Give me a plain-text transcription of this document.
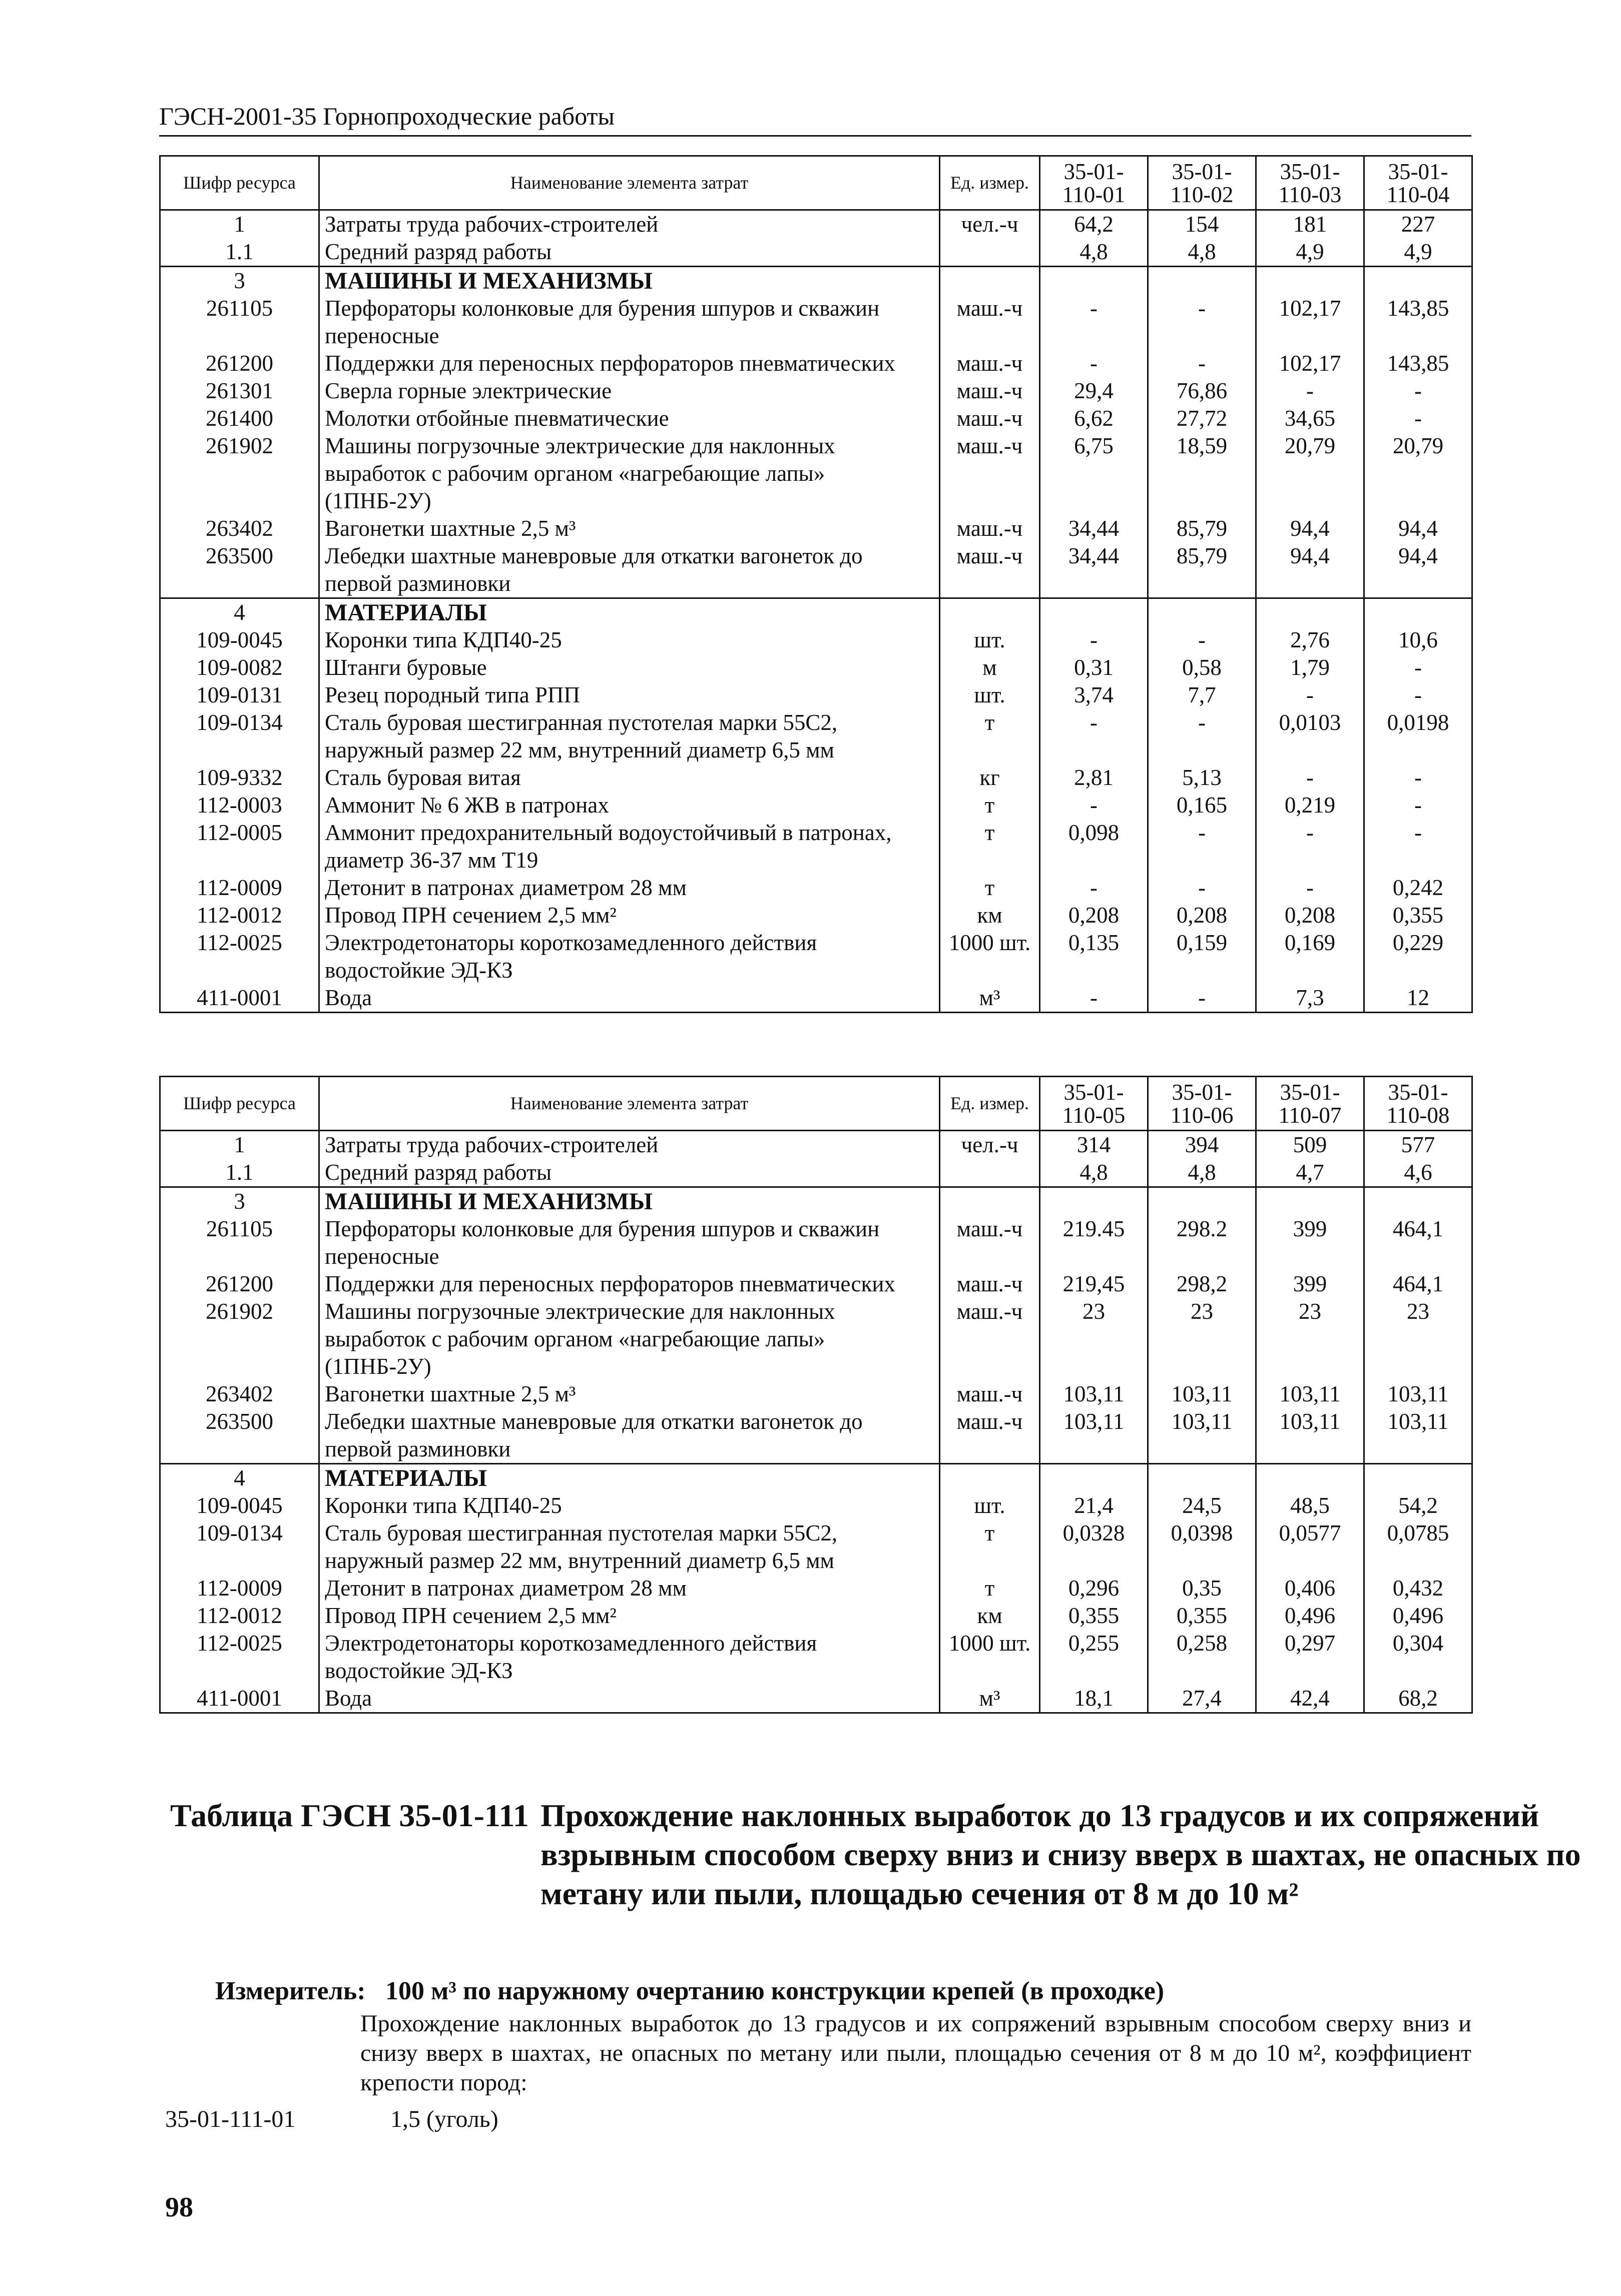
ГЭСН-2001-35 Горнопроходческие работы
Шифр ресурса	Наименование элемента затрат	Ед. измер.	35-01-110-01	35-01-110-02	35-01-110-03	35-01-110-04
1	Затраты труда рабочих-строителей	чел.-ч	64,2	154	181	227
1.1	Средний разряд работы		4,8	4,8	4,9	4,9
3	МАШИНЫ И МЕХАНИЗМЫ					
261105	Перфораторы колонковые для бурения шпуров и скважин переносные	маш.-ч	-	-	102,17	143,85
261200	Поддержки для переносных перфораторов пневматических	маш.-ч	-	-	102,17	143,85
261301	Сверла горные электрические	маш.-ч	29,4	76,86	-	-
261400	Молотки отбойные пневматические	маш.-ч	6,62	27,72	34,65	-
261902	Машины погрузочные электрические для наклонных выработок с рабочим органом «нагребающие лапы» (1ПНБ-2У)	маш.-ч	6,75	18,59	20,79	20,79
263402	Вагонетки шахтные 2,5 м³	маш.-ч	34,44	85,79	94,4	94,4
263500	Лебедки шахтные маневровые для откатки вагонеток до первой разминовки	маш.-ч	34,44	85,79	94,4	94,4
4	МАТЕРИАЛЫ					
109-0045	Коронки типа КДП40-25	шт.	-	-	2,76	10,6
109-0082	Штанги буровые	м	0,31	0,58	1,79	-
109-0131	Резец породный типа РПП	шт.	3,74	7,7	-	-
109-0134	Сталь буровая шестигранная пустотелая марки 55С2, наружный размер 22 мм, внутренний диаметр 6,5 мм	т	-	-	0,0103	0,0198
109-9332	Сталь буровая витая	кг	2,81	5,13	-	-
112-0003	Аммонит № 6 ЖВ в патронах	т	-	0,165	0,219	-
112-0005	Аммонит предохранительный водоустойчивый в патронах, диаметр 36-37 мм Т19	т	0,098	-	-	-
112-0009	Детонит в патронах диаметром 28 мм	т	-	-	-	0,242
112-0012	Провод ПРН сечением 2,5 мм²	км	0,208	0,208	0,208	0,355
112-0025	Электродетонаторы короткозамедленного действия водостойкие ЭД-КЗ	1000 шт.	0,135	0,159	0,169	0,229
411-0001	Вода	м³	-	-	7,3	12
Шифр ресурса	Наименование элемента затрат	Ед. измер.	35-01-110-05	35-01-110-06	35-01-110-07	35-01-110-08
1	Затраты труда рабочих-строителей	чел.-ч	314	394	509	577
1.1	Средний разряд работы		4,8	4,8	4,7	4,6
3	МАШИНЫ И МЕХАНИЗМЫ					
261105	Перфораторы колонковые для бурения шпуров и скважин переносные	маш.-ч	219.45	298.2	399	464,1
261200	Поддержки для переносных перфораторов пневматических	маш.-ч	219,45	298,2	399	464,1
261902	Машины погрузочные электрические для наклонных выработок с рабочим органом «нагребающие лапы» (1ПНБ-2У)	маш.-ч	23	23	23	23
263402	Вагонетки шахтные 2,5 м³	маш.-ч	103,11	103,11	103,11	103,11
263500	Лебедки шахтные маневровые для откатки вагонеток до первой разминовки	маш.-ч	103,11	103,11	103,11	103,11
4	МАТЕРИАЛЫ					
109-0045	Коронки типа КДП40-25	шт.	21,4	24,5	48,5	54,2
109-0134	Сталь буровая шестигранная пустотелая марки 55С2, наружный размер 22 мм, внутренний диаметр 6,5 мм	т	0,0328	0,0398	0,0577	0,0785
112-0009	Детонит в патронах диаметром 28 мм	т	0,296	0,35	0,406	0,432
112-0012	Провод ПРН сечением 2,5 мм²	км	0,355	0,355	0,496	0,496
112-0025	Электродетонаторы короткозамедленного действия водостойкие ЭД-КЗ	1000 шт.	0,255	0,258	0,297	0,304
411-0001	Вода	м³	18,1	27,4	42,4	68,2
Таблица ГЭСН 35-01-111 Прохождение наклонных выработок до 13 градусов и их сопряжений взрывным способом сверху вниз и снизу вверх в шахтах, не опасных по метану или пыли, площадью сечения от 8 м до 10 м²
Измеритель: 100 м³ по наружному очертанию конструкции крепей (в проходке)
Прохождение наклонных выработок до 13 градусов и их сопряжений взрывным способом сверху вниз и снизу вверх в шахтах, не опасных по метану или пыли, площадью сечения от 8 м до 10 м², коэффициент крепости пород:
35-01-111-01	1,5 (уголь)
98
